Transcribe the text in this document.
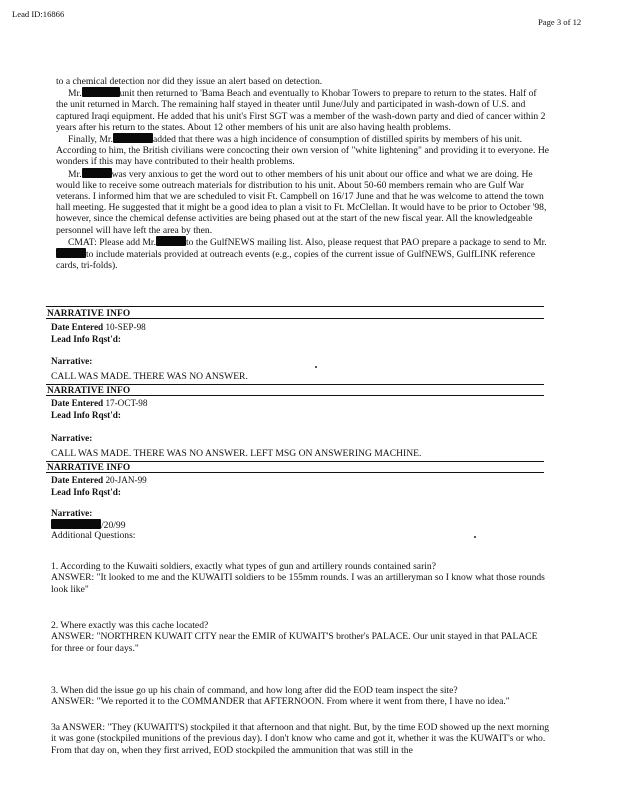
Lead ID:16866
Page 3 of 12

to a chemical detection nor did they issue an alert based on detection.

Mr.	unit then returned to 'Bama Beach and eventually to Khobar Towers to prepare to return to the states. Half of the unit returned in March. The remaining half stayed in theater until June/July and participated in wash-down of U.S. and captured Iraqi equipment. He added that his unit's First SGT was a member of the wash-down party and died of cancer within 2 years after his return to the states. About 12 other members of his unit are also having health problems.

Finally, Mr.	added that there was a high incidence of consumption of distilled spirits by members of his unit. According to him, the British civilians were concocting their own version of "white lightening" and providing it to everyone. He wonders if this may have contributed to their health problems.

Mr.	was very anxious to get the word out to other members of his unit about our office and what we are doing. He would like to receive some outreach materials for distribution to his unit. About 50-60 members remain who are Gulf War veterans. I informed him that we are scheduled to visit Ft. Campbell on 16/17 June and that he was welcome to attend the town hall meeting. He suggested that it might be a good idea to plan a visit to Ft. McClellan. It would have to be prior to October '98, however, since the chemical defense activities are being phased out at the start of the new fiscal year. All the knowledgeable personnel will have left the area by then.

CMAT: Please add Mr.	to the GulfNEWS mailing list. Also, please request that PAO prepare a package to send to Mr.to include materials provided at outreach events (e.g., copies of the current issue of GulfNEWS, GulfLINK reference cards, tri-folds).

NARRATIVE INFO
Date Entered 10-SEP-98
Lead Info Rqst'd:
Narrative:
CALL WAS MADE. THERE WAS NO ANSWER.
NARRATIVE INFO
Date Entered 17-OCT-98
Lead Info Rqst'd:
Narrative:
CALL WAS MADE. THERE WAS NO ANSWER. LEFT MSG ON ANSWERING MACHINE.
NARRATIVE INFO
Date Entered 20-JAN-99
Lead Info Rqst'd:
Narrative:
/20/99
Additional Questions:

1. According to the Kuwaiti soldiers, exactly what types of gun and artillery rounds contained sarin?

ANSWER: "It looked to me and the KUWAITI soldiers to be 155mm rounds. I was an artilleryman so I know what those rounds look like"

2. Where exactly was this cache located?

ANSWER: "NORTHREN KUWAIT CITY near the EMIR of KUWAIT'S brother's PALACE. Our unit stayed in that PALACE for three or four days."

3. When did the issue go up his chain of command, and how long after did the EOD team inspect the site?

ANSWER: "We reported it to the COMMANDER that AFTERNOON. From where it went from there, I have no idea."

3a ANSWER: "They (KUWAITI'S) stockpiled it that afternoon and that night. But, by the time EOD showed up the next morning it was gone (stockpiled munitions of the previous day). I don't know who came and got it, whether it was the KUWAIT's or who. From that day on, when they first arrived, EOD stockpiled the ammunition that was still in the
